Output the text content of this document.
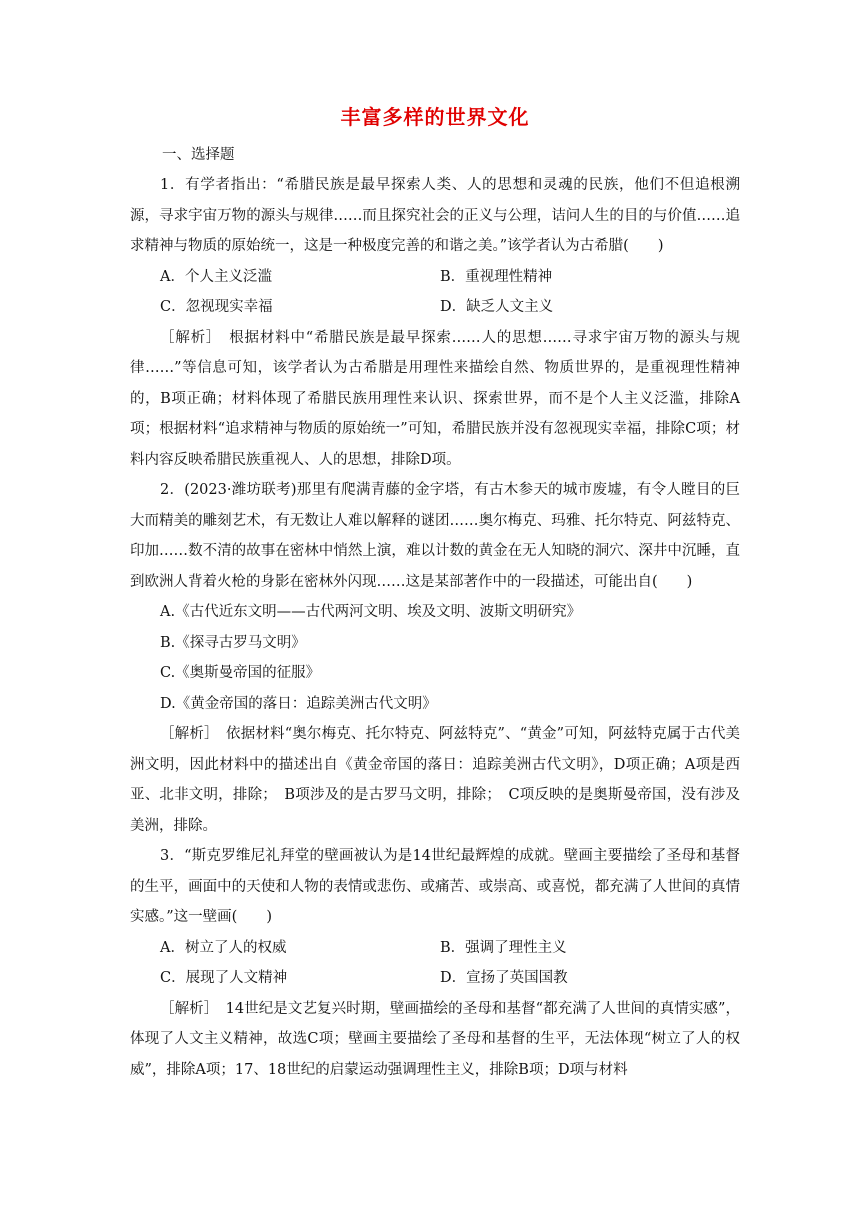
丰富多样的世界文化
一、选择题

1．有学者指出：“希腊民族是最早探索人类、人的思想和灵魂的民族，他们不但追根溯源，寻求宇宙万物的源头与规律……而且探究社会的正义与公理，诘问人生的目的与价值……追求精神与物质的原始统一，这是一种极度完善的和谐之美。”该学者认为古希腊(　　)

A．个人主义泛滥	B．重视理性精神
C．忽视现实幸福	D．缺乏人文主义

［解析］　根据材料中“希腊民族是最早探索……人的思想……寻求宇宙万物的源头与规律……”等信息可知，该学者认为古希腊是用理性来描绘自然、物质世界的，是重视理性精神的，B项正确；材料体现了希腊民族用理性来认识、探索世界，而不是个人主义泛滥，排除A项；根据材料“追求精神与物质的原始统一”可知，希腊民族并没有忽视现实幸福，排除C项；材料内容反映希腊民族重视人、人的思想，排除D项。

2．(2023·潍坊联考)那里有爬满青藤的金字塔，有古木参天的城市废墟，有令人瞠目的巨大而精美的雕刻艺术，有无数让人难以解释的谜团……奥尔梅克、玛雅、托尔特克、阿兹特克、印加……数不清的故事在密林中悄然上演，难以计数的黄金在无人知晓的洞穴、深井中沉睡，直到欧洲人背着火枪的身影在密林外闪现……这是某部著作中的一段描述，可能出自(　　)

A.《古代近东文明——古代两河文明、埃及文明、波斯文明研究》
B.《探寻古罗马文明》
C.《奥斯曼帝国的征服》
D.《黄金帝国的落日：追踪美洲古代文明》

［解析］　依据材料“奥尔梅克、托尔特克、阿兹特克”、“黄金”可知，阿兹特克属于古代美洲文明，因此材料中的描述出自《黄金帝国的落日：追踪美洲古代文明》，D项正确；A项是西亚、北非文明，排除；　B项涉及的是古罗马文明，排除；　C项反映的是奥斯曼帝国，没有涉及美洲，排除。

3．“斯克罗维尼礼拜堂的壁画被认为是14世纪最辉煌的成就。壁画主要描绘了圣母和基督的生平，画面中的天使和人物的表情或悲伤、或痛苦、或崇高、或喜悦，都充满了人世间的真情实感。”这一壁画(　　)

A．树立了人的权威	B．强调了理性主义
C．展现了人文精神	D．宣扬了英国国教

［解析］　14世纪是文艺复兴时期，壁画描绘的圣母和基督“都充满了人世间的真情实感”，体现了人文主义精神，故选C项；壁画主要描绘了圣母和基督的生平，无法体现“树立了人的权威”，排除A项；17、18世纪的启蒙运动强调理性主义，排除B项；D项与材料
